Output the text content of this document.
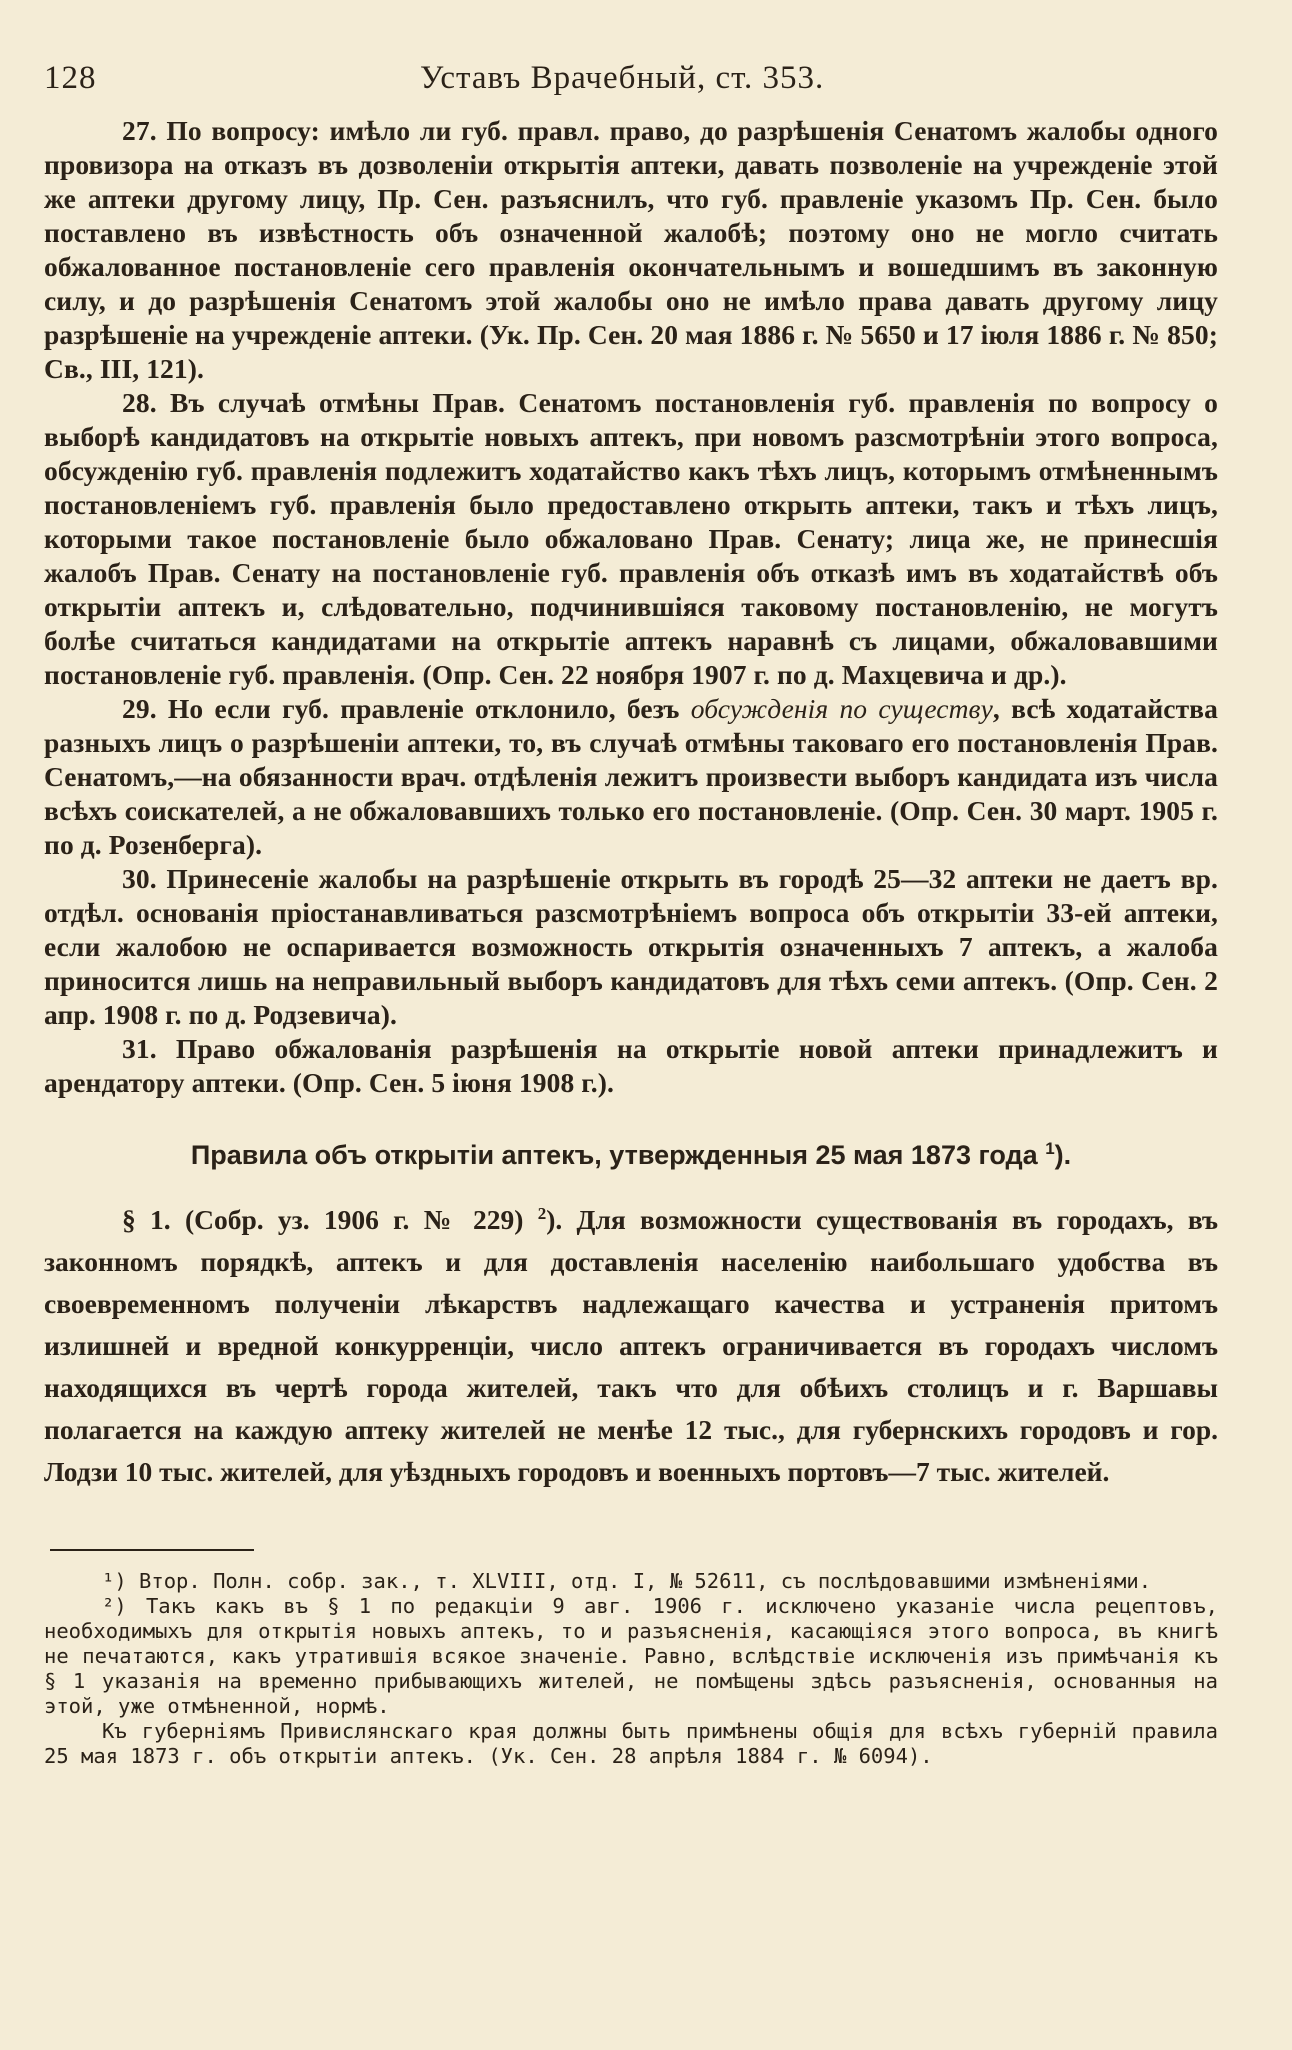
128	Уставъ Врачебный, ст. 353.

27. По вопросу: имѣло ли губ. правл. право, до разрѣшенія Сенатомъ жалобы одного провизора на отказъ въ дозволеніи открытія аптеки, давать позволеніе на учрежденіе этой же аптеки другому лицу, Пр. Сен. разъяснилъ, что губ. правленіе указомъ Пр. Сен. было поставлено въ извѣстность объ означенной жалобѣ; поэтому оно не могло считать обжалованное постановленіе сего правленія окончательнымъ и вошедшимъ въ законную силу, и до разрѣшенія Сенатомъ этой жалобы оно не имѣло права давать другому лицу разрѣшеніе на учрежденіе аптеки. (Ук. Пр. Сен. 20 мая 1886 г. № 5650 и 17 іюля 1886 г. № 850; Св., III, 121).

28. Въ случаѣ отмѣны Прав. Сенатомъ постановленія губ. правленія по вопросу о выборѣ кандидатовъ на открытіе новыхъ аптекъ, при новомъ разсмотрѣніи этого вопроса, обсужденію губ. правленія подлежитъ ходатайство какъ тѣхъ лицъ, которымъ отмѣненнымъ постановленіемъ губ. правленія было предоставлено открыть аптеки, такъ и тѣхъ лицъ, которыми такое постановленіе было обжаловано Прав. Сенату; лица же, не принесшія жалобъ Прав. Сенату на постановленіе губ. правленія объ отказѣ имъ въ ходатайствѣ объ открытіи аптекъ и, слѣдовательно, подчинившіяся таковому постановленію, не могутъ болѣе считаться кандидатами на открытіе аптекъ наравнѣ съ лицами, обжаловавшими постановленіе губ. правленія. (Опр. Сен. 22 ноября 1907 г. по д. Махцевича и др.).

29. Но если губ. правленіе отклонило, безъ обсужденія по существу, всѣ ходатайства разныхъ лицъ о разрѣшеніи аптеки, то, въ случаѣ отмѣны таковаго его постановленія Прав. Сенатомъ,—на обязанности врач. отдѣленія лежитъ произвести выборъ кандидата изъ числа всѣхъ соискателей, а не обжаловавшихъ только его постановленіе. (Опр. Сен. 30 март. 1905 г. по д. Розенберга).

30. Принесеніе жалобы на разрѣшеніе открыть въ городѣ 25—32 аптеки не даетъ вр. отдѣл. основанія пріостанавливаться разсмотрѣніемъ вопроса объ открытіи 33-ей аптеки, если жалобою не оспаривается возможность открытія означенныхъ 7 аптекъ, а жалоба приносится лишь на неправильный выборъ кандидатовъ для тѣхъ семи аптекъ. (Опр. Сен. 2 апр. 1908 г. по д. Родзевича).

31. Право обжалованія разрѣшенія на открытіе новой аптеки принадлежитъ и арендатору аптеки. (Опр. Сен. 5 іюня 1908 г.).

Правила объ открытіи аптекъ, утвержденныя 25 мая 1873 года $^1$).

§ 1. (Собр. уз. 1906 г. № 229) $^2$). Для возможности существованія въ городахъ, въ законномъ порядкѣ, аптекъ и для доставленія населенію наибольшаго удобства въ своевременномъ полученіи лѣкарствъ надлежащаго качества и устраненія притомъ излишней и вредной конкурренціи, число аптекъ ограничивается въ городахъ числомъ находящихся въ чертѣ города жителей, такъ что для обѣихъ столицъ и г. Варшавы полагается на каждую аптеку жителей не менѣе 12 тыс., для губернскихъ городовъ и гор. Лодзи 10 тыс. жителей, для уѣздныхъ городовъ и военныхъ портовъ—7 тыс. жителей.

¹) Втор. Полн. собр. зак., т. XLVIII, отд. I, № 52611, съ послѣдовавшими измѣненіями.

²) Такъ какъ въ § 1 по редакціи 9 авг. 1906 г. исключено указаніе числа рецептовъ, необходимыхъ для открытія новыхъ аптекъ, то и разъясненія, касающіяся этого вопроса, въ книгѣ не печатаются, какъ утратившія всякое значеніе. Равно, вслѣдствіе исключенія изъ примѣчанія къ § 1 указанія на временно прибывающихъ жителей, не помѣщены здѣсь разъясненія, основанныя на этой, уже отмѣненной, нормѣ.

Къ губерніямъ Привислянскаго края должны быть примѣнены общія для всѣхъ губерній правила 25 мая 1873 г. объ открытіи аптекъ. (Ук. Сен. 28 апрѣля 1884 г. № 6094).
